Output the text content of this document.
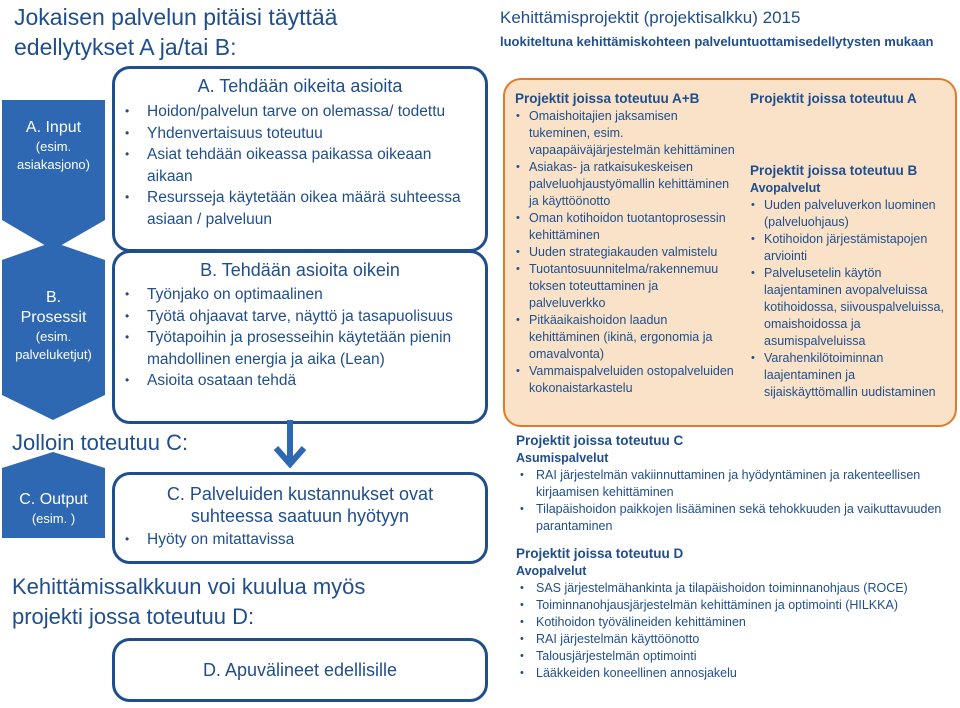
Jokaisen palvelun pitäisi täyttää
edellytykset A ja/tai B:
A. Input
(esim.
asiakasjono)
B.
Prosessit
(esim.
palveluketjut)
Jolloin toteutuu C:
C. Output
(esim. )
A. Tehdään oikeita asioita
• Hoidon/palvelun tarve on olemassa/ todettu
• Yhdenvertaisuus toteutuu
• Asiat tehdään oikeassa paikassa oikeaan aikaan
• Resursseja käytetään oikea määrä suhteessa asiaan / palveluun
B. Tehdään asioita oikein
• Työnjako on optimaalinen
• Työtä ohjaavat tarve, näyttö ja tasapuolisuus
• Työtapoihin ja prosesseihin käytetään pienin mahdollinen energia ja aika (Lean)
• Asioita osataan tehdä
C. Palveluiden kustannukset ovat
suhteessa saatuun hyötyyn
• Hyöty on mitattavissa
Kehittämissalkkuun voi kuulua myös
projekti jossa toteutuu D:
D. Apuvälineet edellisille
Kehittämisprojektit (projektisalkku) 2015
luokiteltuna kehittämiskohteen palveluntuottamisedellytysten mukaan
Projektit joissa toteutuu A+B
• Omaishoitajien jaksamisen tukeminen, esim. vapaapäiväjärjestelmän kehittäminen
• Asiakas- ja ratkaisukeskeisen palveluohjaustyömallin kehittäminen ja käyttöönotto
• Oman kotihoidon tuotantoprosessin kehittäminen
• Uuden strategiakauden valmistelu
• Tuotantosuunnitelma/rakennemuu toksen toteuttaminen ja palveluverkko
• Pitkäaikaishoidon laadun kehittäminen (ikinä, ergonomia ja omavalvonta)
• Vammaispalveluiden ostopalveluiden kokonaistarkastelu
Projektit joissa toteutuu A
Projektit joissa toteutuu B
Avopalvelut
• Uuden palveluverkon luominen (palveluohjaus)
• Kotihoidon järjestämistapojen arviointi
• Palvelusetelin käytön laajentaminen avopalveluissa kotihoidossa, siivouspalveluissa, omaishoidossa ja asumispalveluissa
• Varahenkilötoiminnan laajentaminen ja sijaiskäyttömallin uudistaminen
Projektit joissa toteutuu C
Asumispalvelut
• RAI järjestelmän vakiinnuttaminen ja hyödyntäminen ja rakenteellisen kirjaamisen kehittäminen
• Tilapäishoidon paikkojen lisääminen sekä tehokkuuden ja vaikuttavuuden parantaminen
Projektit joissa toteutuu D
Avopalvelut
• SAS järjestelmähankinta ja tilapäishoidon toiminnanohjaus (ROCE)
• Toiminnanohjausjärjestelmän kehittäminen ja optimointi (HILKKA)
• Kotihoidon työvälineiden kehittäminen
• RAI järjestelmän käyttöönotto
• Talousjärjestelmän optimointi
• Lääkkeiden koneellinen annosjakelu
